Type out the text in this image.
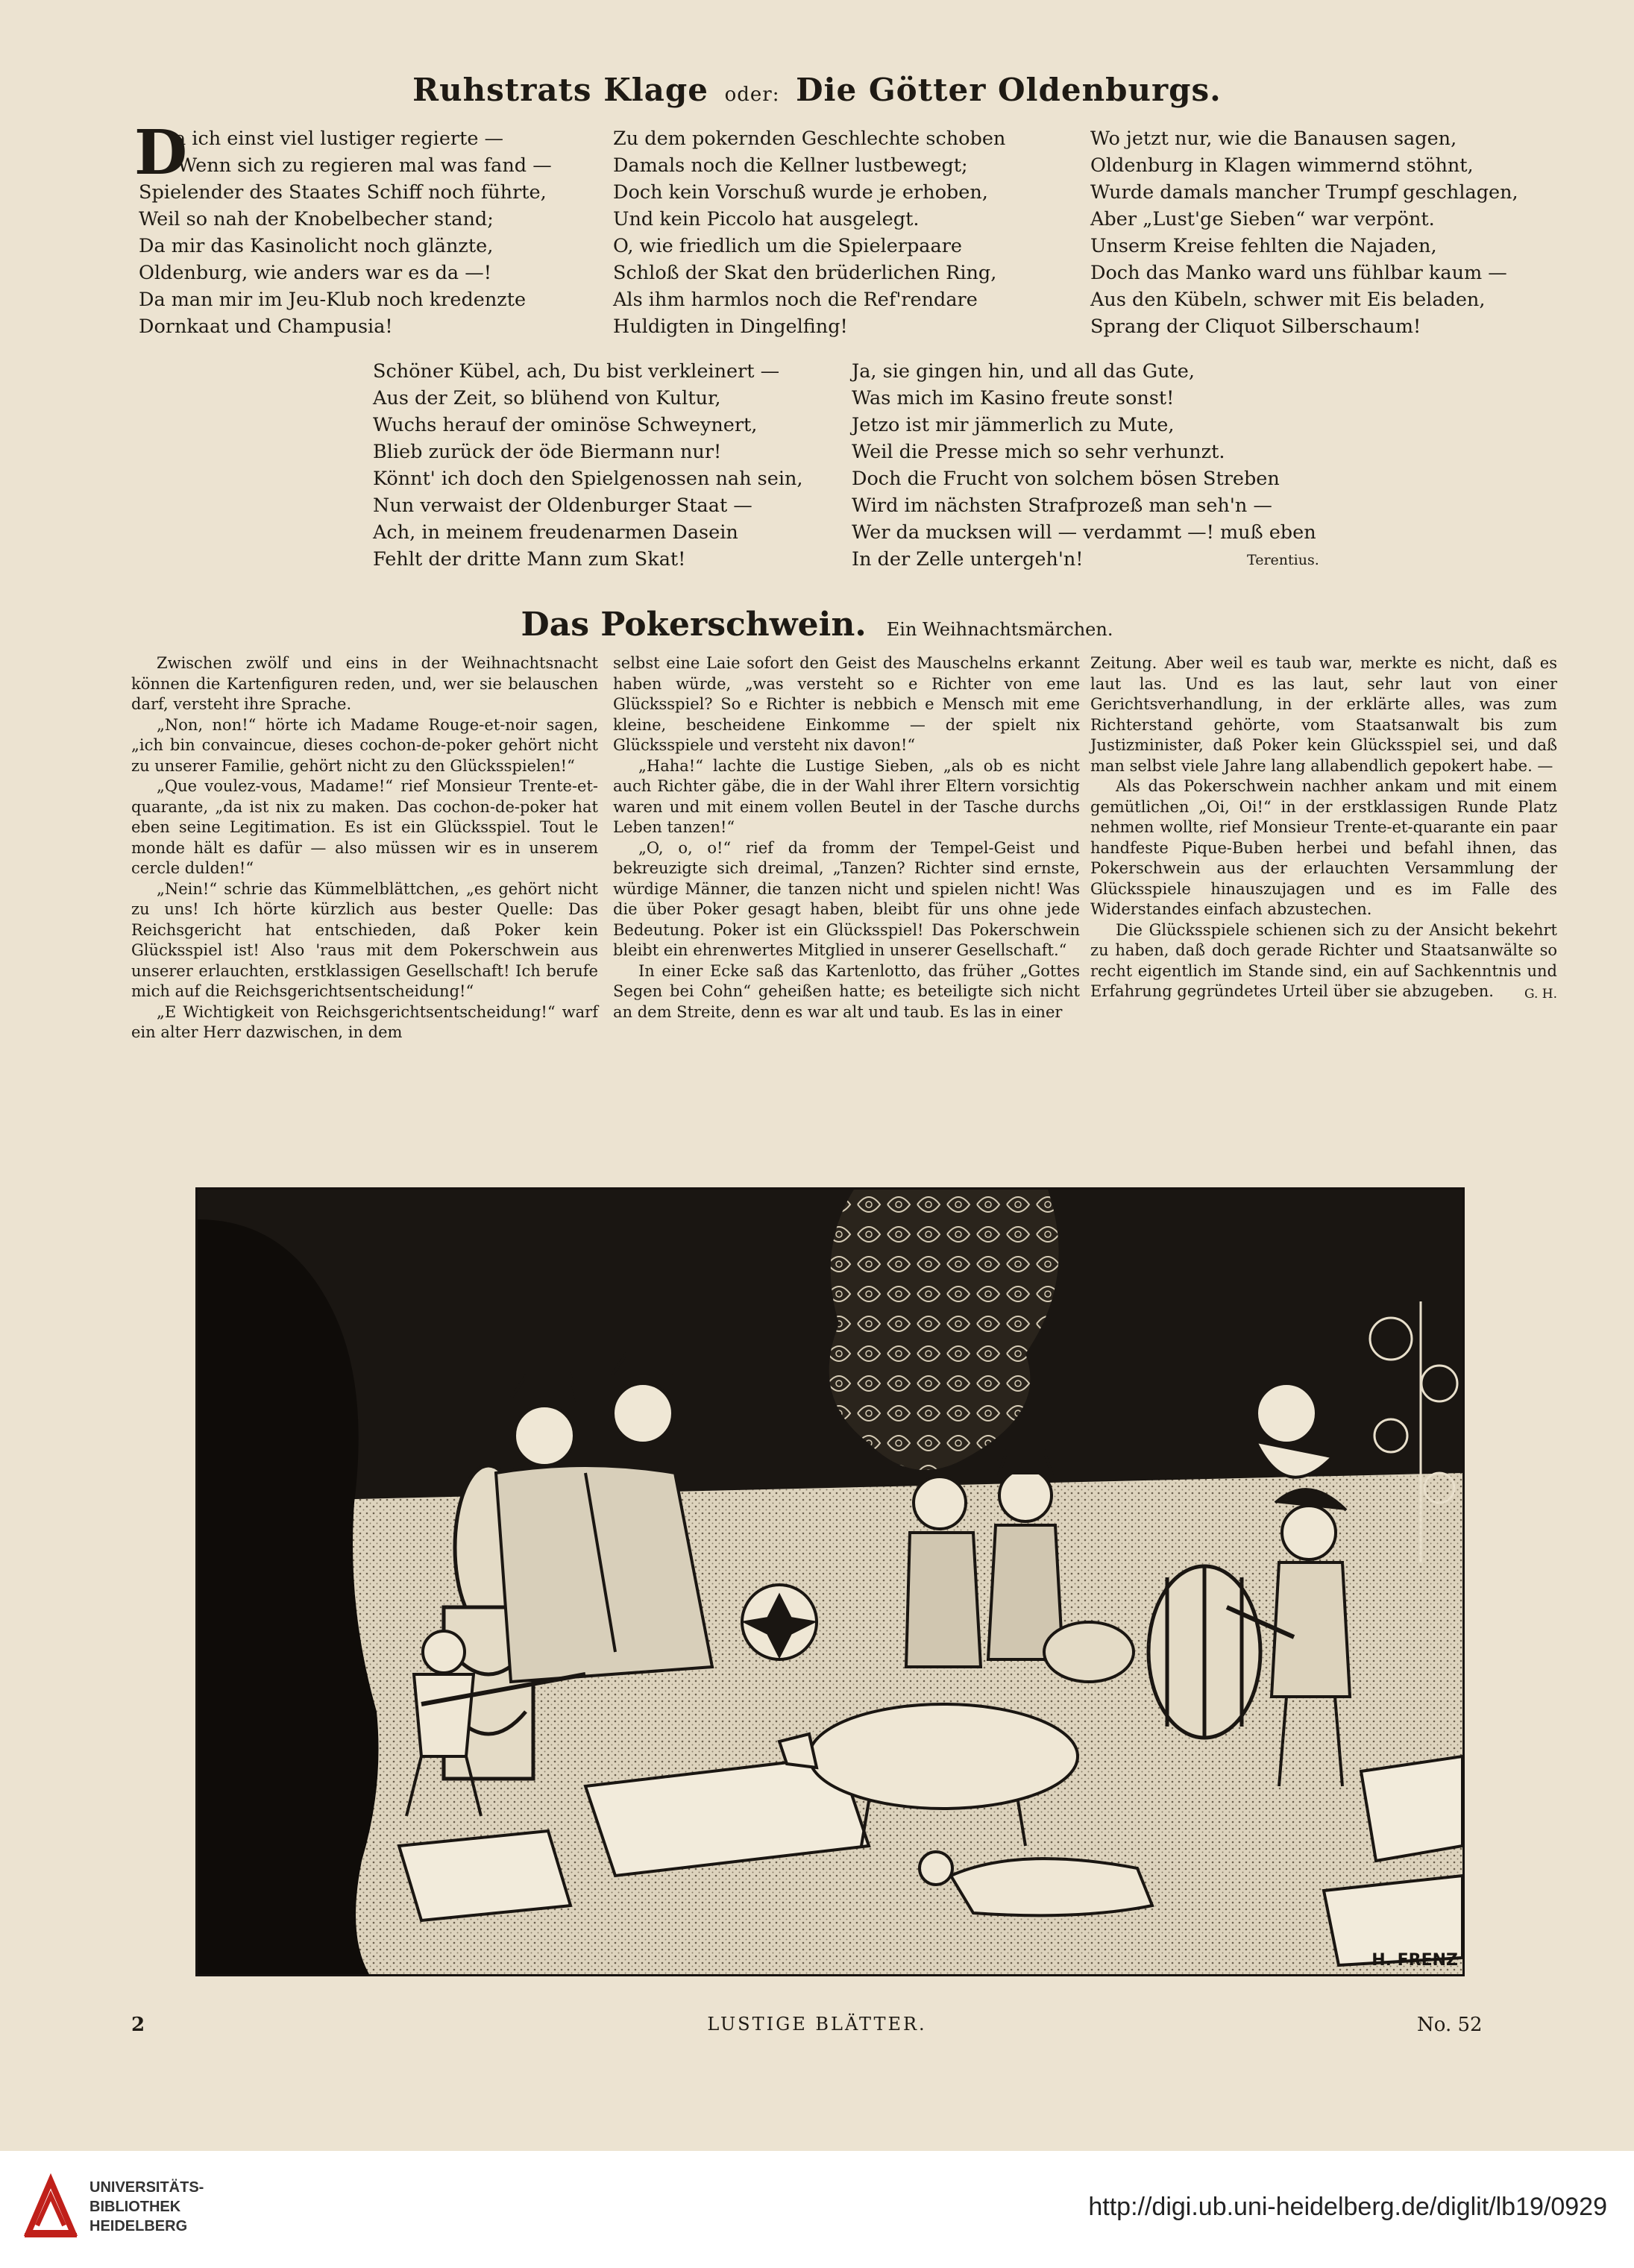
Ruhstrats Klage oder: Die Götter Oldenburgs.
D
a ich einst viel lustiger regierte —
Wenn sich zu regieren mal was fand —
Spielender des Staates Schiff noch führte,
Weil so nah der Knobelbecher stand;
Da mir das Kasinolicht noch glänzte,
Oldenburg, wie anders war es da —!
Da man mir im Jeu-Klub noch kredenzte
Dornkaat und Champusia!
Zu dem pokernden Geschlechte schoben
Damals noch die Kellner lustbewegt;
Doch kein Vorschuß wurde je erhoben,
Und kein Piccolo hat ausgelegt.
O, wie friedlich um die Spielerpaare
Schloß der Skat den brüderlichen Ring,
Als ihm harmlos noch die Ref'rendare
Huldigten in Dingelfing!
Wo jetzt nur, wie die Banausen sagen,
Oldenburg in Klagen wimmernd stöhnt,
Wurde damals mancher Trumpf geschlagen,
Aber „Lust'ge Sieben“ war verpönt.
Unserm Kreise fehlten die Najaden,
Doch das Manko ward uns fühlbar kaum —
Aus den Kübeln, schwer mit Eis beladen,
Sprang der Cliquot Silberschaum!
Schöner Kübel, ach, Du bist verkleinert —
Aus der Zeit, so blühend von Kultur,
Wuchs herauf der ominöse Schweynert,
Blieb zurück der öde Biermann nur!
Könnt' ich doch den Spielgenossen nah sein,
Nun verwaist der Oldenburger Staat —
Ach, in meinem freudenarmen Dasein
Fehlt der dritte Mann zum Skat!
Ja, sie gingen hin, und all das Gute,
Was mich im Kasino freute sonst!
Jetzo ist mir jämmerlich zu Mute,
Weil die Presse mich so sehr verhunzt.
Doch die Frucht von solchem bösen Streben
Wird im nächsten Strafprozeß man seh'n —
Wer da mucksen will — verdammt —! muß eben
In der Zelle untergeh'n!	Terentius.
Das Pokerschwein. Ein Weihnachtsmärchen.

Zwischen zwölf und eins in der Weihnachtsnacht können die Kartenfiguren reden, und, wer sie belauschen darf, versteht ihre Sprache.

„Non, non!“ hörte ich Madame Rouge-et-noir sagen, „ich bin convaincue, dieses cochon-de-poker gehört nicht zu unserer Familie, gehört nicht zu den Glücksspielen!“

„Que voulez-vous, Madame!“ rief Monsieur Trente-et-quarante, „da ist nix zu maken. Das cochon-de-poker hat eben seine Legitimation. Es ist ein Glücksspiel. Tout le monde hält es dafür — also müssen wir es in unserem cercle dulden!“

„Nein!“ schrie das Kümmelblättchen, „es gehört nicht zu uns! Ich hörte kürzlich aus bester Quelle: Das Reichsgericht hat entschieden, daß Poker kein Glücksspiel ist! Also 'raus mit dem Pokerschwein aus unserer erlauchten, erstklassigen Gesellschaft! Ich berufe mich auf die Reichsgerichtsentscheidung!“

„E Wichtigkeit von Reichsgerichtsentscheidung!“ warf ein alter Herr dazwischen, in dem

selbst eine Laie sofort den Geist des Mauschelns erkannt haben würde, „was versteht so e Richter von eme Glücksspiel? So e Richter is nebbich e Mensch mit eme kleine, bescheidene Einkomme — der spielt nix Glücksspiele und versteht nix davon!“

„Haha!“ lachte die Lustige Sieben, „als ob es nicht auch Richter gäbe, die in der Wahl ihrer Eltern vorsichtig waren und mit einem vollen Beutel in der Tasche durchs Leben tanzen!“

„O, o, o!“ rief da fromm der Tempel-Geist und bekreuzigte sich dreimal, „Tanzen? Richter sind ernste, würdige Männer, die tanzen nicht und spielen nicht! Was die über Poker gesagt haben, bleibt für uns ohne jede Bedeutung. Poker ist ein Glücksspiel! Das Pokerschwein bleibt ein ehrenwertes Mitglied in unserer Gesellschaft.“

In einer Ecke saß das Kartenlotto, das früher „Gottes Segen bei Cohn“ geheißen hatte; es beteiligte sich nicht an dem Streite, denn es war alt und taub. Es las in einer

Zeitung. Aber weil es taub war, merkte es nicht, daß es laut las. Und es las laut, sehr laut von einer Gerichtsverhandlung, in der erklärte alles, was zum Richterstand gehörte, vom Staatsanwalt bis zum Justizminister, daß Poker kein Glücksspiel sei, und daß man selbst viele Jahre lang allabendlich gepokert habe. —

Als das Pokerschwein nachher ankam und mit einem gemütlichen „Oi, Oi!“ in der erstklassigen Runde Platz nehmen wollte, rief Monsieur Trente-et-quarante ein paar handfeste Pique-Buben herbei und befahl ihnen, das Pokerschwein aus der erlauchten Versammlung der Glücksspiele hinauszujagen und es im Falle des Widerstandes einfach abzustechen.

Die Glücksspiele schienen sich zu der Ansicht bekehrt zu haben, daß doch gerade Richter und Staatsanwälte so recht eigentlich im Stande sind, ein auf Sachkenntnis und Erfahrung gegründetes Urteil über sie abzugeben.	G. H.

H. FRENZ
LUSTIGE BLÄTTER.
2	No. 52
UNIVERSITÄTS-
BIBLIOTHEK
HEIDELBERG
http://digi.ub.uni-heidelberg.de/diglit/lb19/0929
